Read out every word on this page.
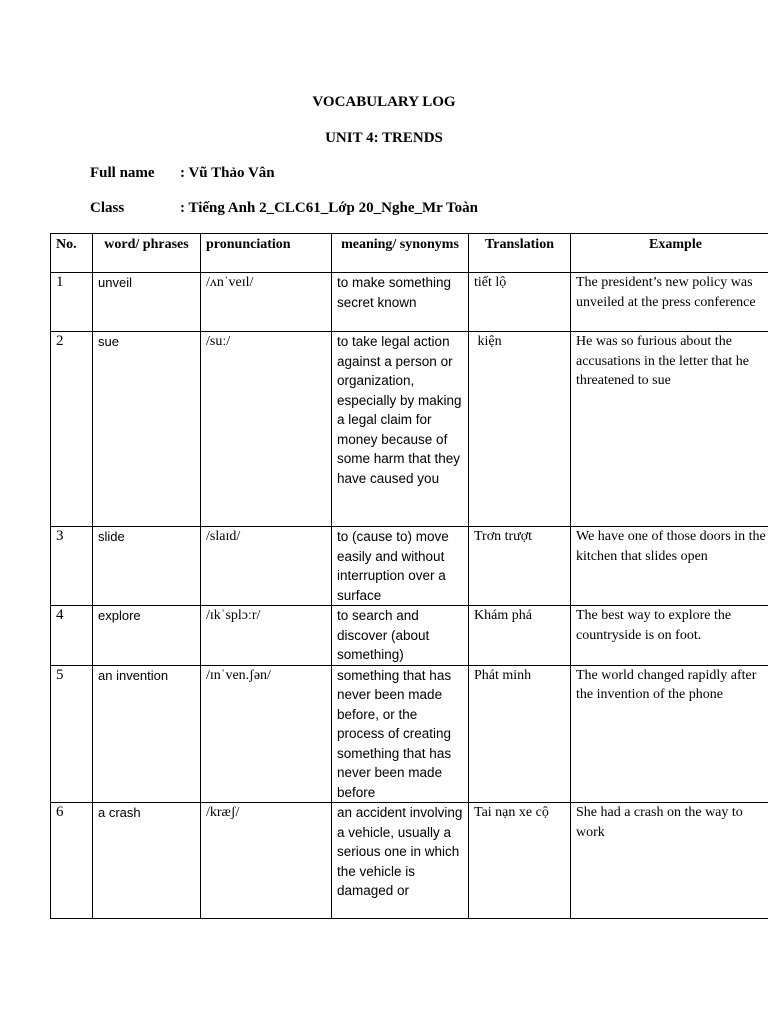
VOCABULARY LOG
UNIT 4: TRENDS
Full name : Vũ Thảo Vân
Class	: Tiếng Anh 2_CLC61_Lớp 20_Nghe_Mr Toàn
No.	word/ phrases	pronunciation	meaning/ synonyms	Translation	Example
1	unveil	/ʌnˈveɪl/	to make something secret known	tiết lộ	The president’s new policy was unveiled at the press conference
2	sue	/suː/	to take legal action against a person or organization, especially by making a legal claim for money because of some harm that they have caused you	kiện	He was so furious about the accusations in the letter that he threatened to sue
3	slide	/slaɪd/	to (cause to) move easily and without interruption over a surface	Trơn trượt	We have one of those doors in the kitchen that slides open
4	explore	/ɪkˈsplɔːr/	to search and discover (about something)	Khám phá	The best way to explore the countryside is on foot.
5	an invention	/ɪnˈven.ʃən/	something that has never been made before, or the process of creating something that has never been made before	Phát minh	The world changed rapidly after the invention of the phone
6	a crash	/kræʃ/	an accident involving a vehicle, usually a serious one in which the vehicle is damaged or	Tai nạn xe cộ	She had a crash on the way to work
